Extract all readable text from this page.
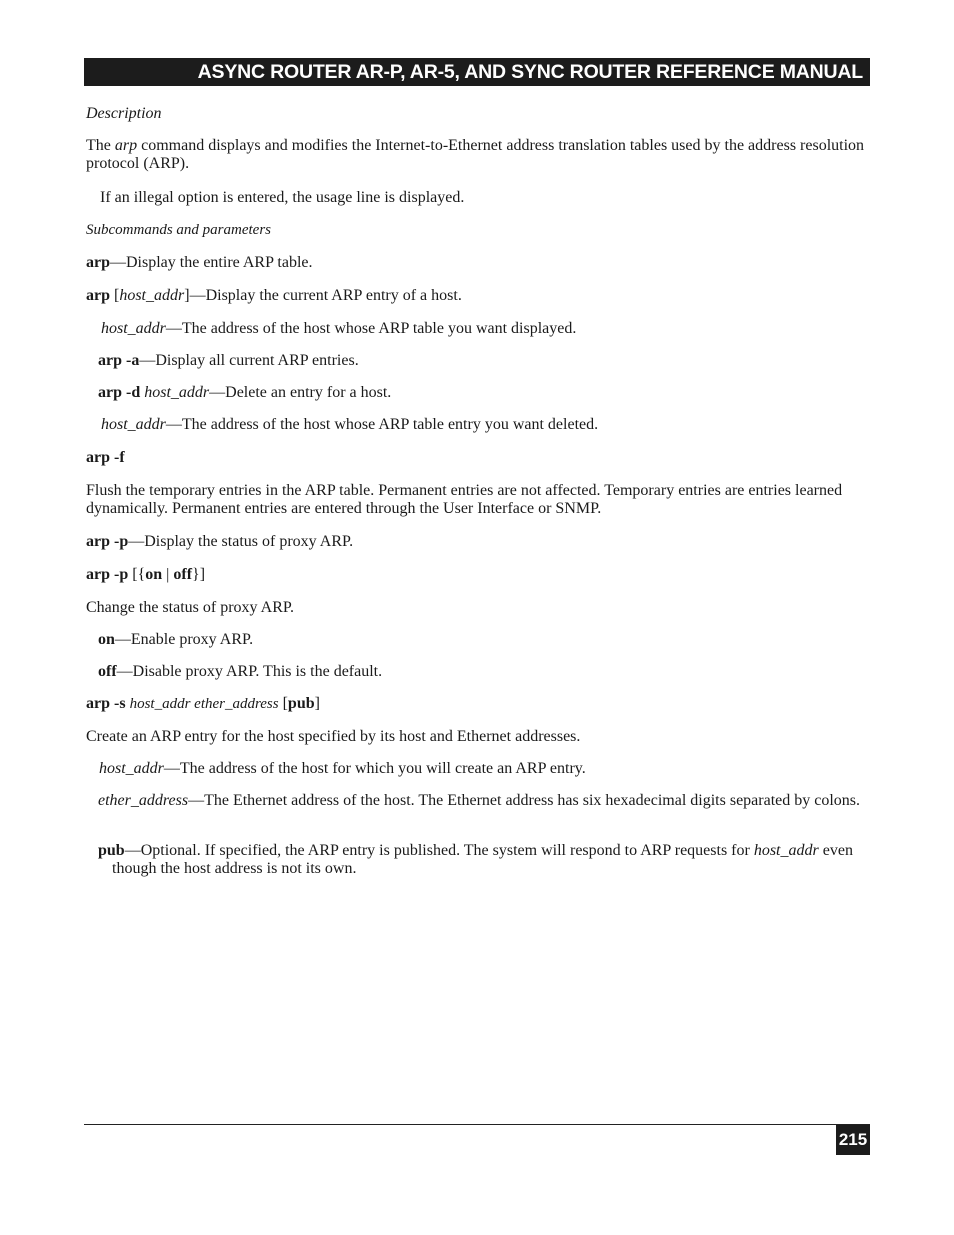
ASYNC ROUTER AR-P, AR-5, AND SYNC ROUTER REFERENCE MANUAL
Description
The arp command displays and modifies the Internet-to-Ethernet address translation tables used by the address resolution protocol (ARP).
If an illegal option is entered, the usage line is displayed.
Subcommands and parameters
arp—Display the entire ARP table.
arp [host_addr]—Display the current ARP entry of a host.
host_addr—The address of the host whose ARP table you want displayed.
arp -a—Display all current ARP entries.
arp -d host_addr—Delete an entry for a host.
host_addr—The address of the host whose ARP table entry you want deleted.
arp -f
Flush the temporary entries in the ARP table. Permanent entries are not affected. Temporary entries are entries learned dynamically. Permanent entries are entered through the User Interface or SNMP.
arp -p—Display the status of proxy ARP.
arp -p [{on | off}]
Change the status of proxy ARP.
on—Enable proxy ARP.
off—Disable proxy ARP. This is the default.
arp -s host_addr ether_address [pub]
Create an ARP entry for the host specified by its host and Ethernet addresses.
host_addr—The address of the host for which you will create an ARP entry.
ether_address—The Ethernet address of the host. The Ethernet address has six hexadecimal digits separated by colons.
pub—Optional. If specified, the ARP entry is published. The system will respond to ARP requests for host_addr even though the host address is not its own.
215
